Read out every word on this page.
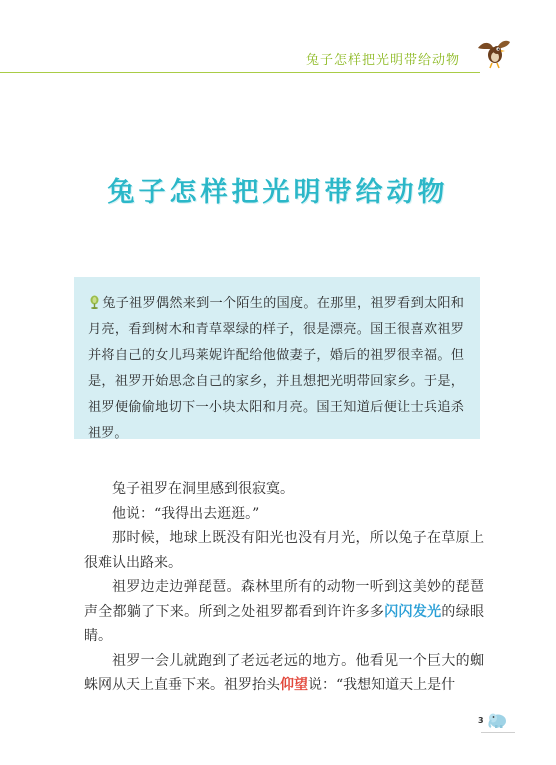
兔子怎样把光明带给动物
兔子怎样把光明带给动物

兔子祖罗偶然来到一个陌生的国度。在那里，祖罗看到太阳和月亮，看到树木和青草翠绿的样子，很是漂亮。国王很喜欢祖罗并将自己的女儿玛莱妮许配给他做妻子，婚后的祖罗很幸福。但是，祖罗开始思念自己的家乡，并且想把光明带回家乡。于是，祖罗便偷偷地切下一小块太阳和月亮。国王知道后便让士兵追杀祖罗。

兔子祖罗在洞里感到很寂寞。

他说：“我得出去逛逛。”

那时候，地球上既没有阳光也没有月光，所以兔子在草原上很难认出路来。

祖罗边走边弹琵琶。森林里所有的动物一听到这美妙的琵琶声全都躺了下来。所到之处祖罗都看到许许多多闪闪发光的绿眼睛。

祖罗一会儿就跑到了老远老远的地方。他看见一个巨大的蜘蛛网从天上直垂下来。祖罗抬头仰望说：“我想知道天上是什

3
